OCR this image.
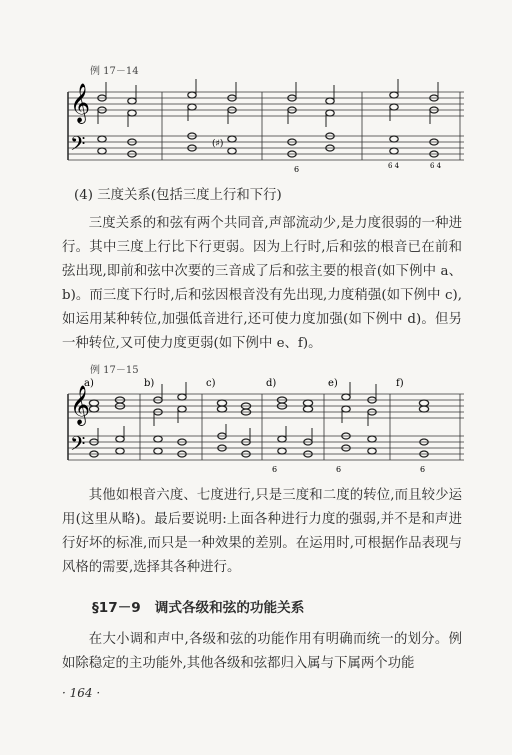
例 17－14
𝄞
𝄢	(♯)
6	6 4	6 4
(4) 三度关系(包括三度上行和下行)

三度关系的和弦有两个共同音,声部流动少,是力度很弱的一种进行。其中三度上行比下行更弱。因为上行时,后和弦的根音已在前和弦出现,即前和弦中次要的三音成了后和弦主要的根音(如下例中 a、b)。而三度下行时,后和弦因根音没有先出现,力度稍强(如下例中 c),如运用某种转位,加强低音进行,还可使力度加强(如下例中 d)。但另一种转位,又可使力度更弱(如下例中 e、f)。

例 17－15
𝄞
𝄢
a)	b)	c)	d)	e)	f)
6	6	6

其他如根音六度、七度进行,只是三度和二度的转位,而且较少运用(这里从略)。最后要说明:上面各种进行力度的强弱,并不是和声进行好坏的标准,而只是一种效果的差别。在运用时,可根据作品表现与风格的需要,选择其各种进行。

§17－9 调式各级和弦的功能关系

在大小调和声中,各级和弦的功能作用有明确而统一的划分。例如除稳定的主功能外,其他各级和弦都归入属与下属两个功能

· 164 ·
